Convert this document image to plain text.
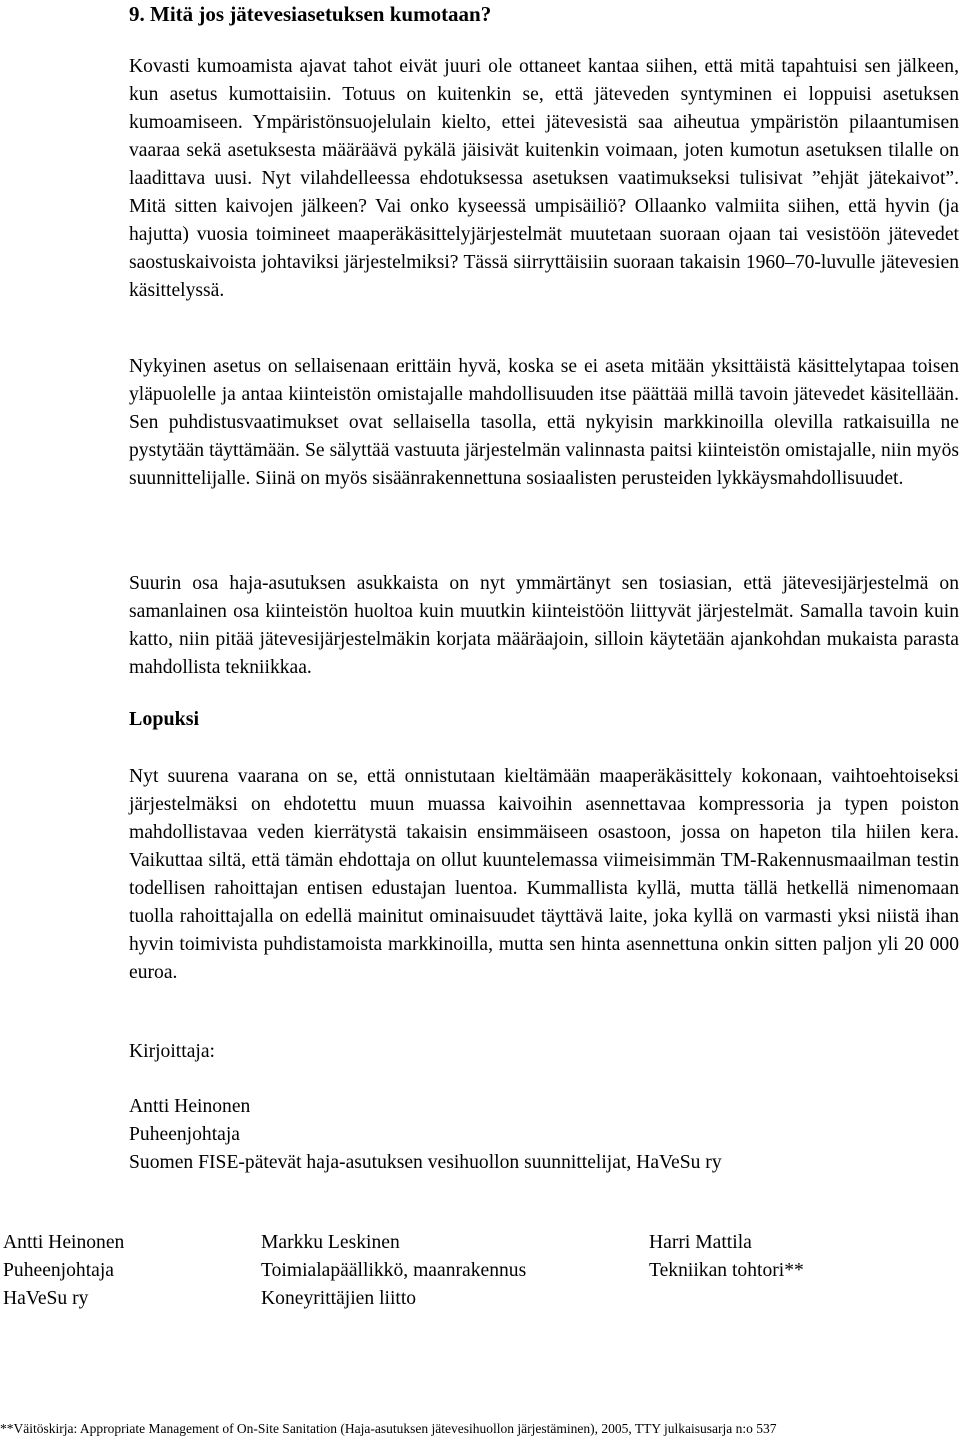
9. Mitä jos jätevesiasetuksen kumotaan?

Kovasti kumoamista ajavat tahot eivät juuri ole ottaneet kantaa siihen, että mitä tapahtuisi sen jälkeen, kun asetus kumottaisiin. Totuus on kuitenkin se, että jäteveden syntyminen ei loppuisi asetuksen kumoamiseen. Ympäristönsuojelulain kielto, ettei jätevesistä saa aiheutua ympäristön pilaantumisen vaaraa sekä asetuksesta määräävä pykälä jäisivät kuitenkin voimaan, joten kumotun asetuksen tilalle on laadittava uusi. Nyt vilahdelleessa ehdotuksessa asetuksen vaatimukseksi tulisivat ”ehjät jätekaivot”. Mitä sitten kaivojen jälkeen? Vai onko kyseessä umpisäiliö? Ollaanko valmiita siihen, että hyvin (ja hajutta) vuosia toimineet maaperäkäsittelyjärjestelmät muutetaan suoraan ojaan tai vesistöön jätevedet saostuskaivoista johtaviksi järjestelmiksi? Tässä siirryttäisiin suoraan takaisin 1960–70-luvulle jätevesien käsittelyssä.

Nykyinen asetus on sellaisenaan erittäin hyvä, koska se ei aseta mitään yksittäistä käsittelytapaa toisen yläpuolelle ja antaa kiinteistön omistajalle mahdollisuuden itse päättää millä tavoin jätevedet käsitellään. Sen puhdistusvaatimukset ovat sellaisella tasolla, että nykyisin markkinoilla olevilla ratkaisuilla ne pystytään täyttämään. Se sälyttää vastuuta järjestelmän valinnasta paitsi kiinteistön omistajalle, niin myös suunnittelijalle. Siinä on myös sisäänrakennettuna sosiaalisten perusteiden lykkäysmahdollisuudet.

Suurin osa haja-asutuksen asukkaista on nyt ymmärtänyt sen tosiasian, että jätevesijärjestelmä on samanlainen osa kiinteistön huoltoa kuin muutkin kiinteistöön liittyvät järjestelmät. Samalla tavoin kuin katto, niin pitää jätevesijärjestelmäkin korjata määräajoin, silloin käytetään ajankohdan mukaista parasta mahdollista tekniikkaa.

Lopuksi

Nyt suurena vaarana on se, että onnistutaan kieltämään maaperäkäsittely kokonaan, vaihtoehtoiseksi järjestelmäksi on ehdotettu muun muassa kaivoihin asennettavaa kompressoria ja typen poiston mahdollistavaa veden kierrätystä takaisin ensimmäiseen osastoon, jossa on hapeton tila hiilen kera. Vaikuttaa siltä, että tämän ehdottaja on ollut kuuntelemassa viimeisimmän TM-Rakennusmaailman testin todellisen rahoittajan entisen edustajan luentoa. Kummallista kyllä, mutta tällä hetkellä nimenomaan tuolla rahoittajalla on edellä mainitut ominaisuudet täyttävä laite, joka kyllä on varmasti yksi niistä ihan hyvin toimivista puhdistamoista markkinoilla, mutta sen hinta asennettuna onkin sitten paljon yli 20 000 euroa.

Kirjoittaja:

Antti Heinonen

Puheenjohtaja

Suomen FISE-pätevät haja-asutuksen vesihuollon suunnittelijat, HaVeSu ry

Antti Heinonen
Puheenjohtaja
HaVeSu ry
Markku Leskinen
Toimialapäällikkö, maanrakennus
Koneyrittäjien liitto
Harri Mattila
Tekniikan tohtori**
**Väitöskirja: Appropriate Management of On-Site Sanitation (Haja-asutuksen jätevesihuollon järjestäminen), 2005, TTY julkaisusarja n:o 537
